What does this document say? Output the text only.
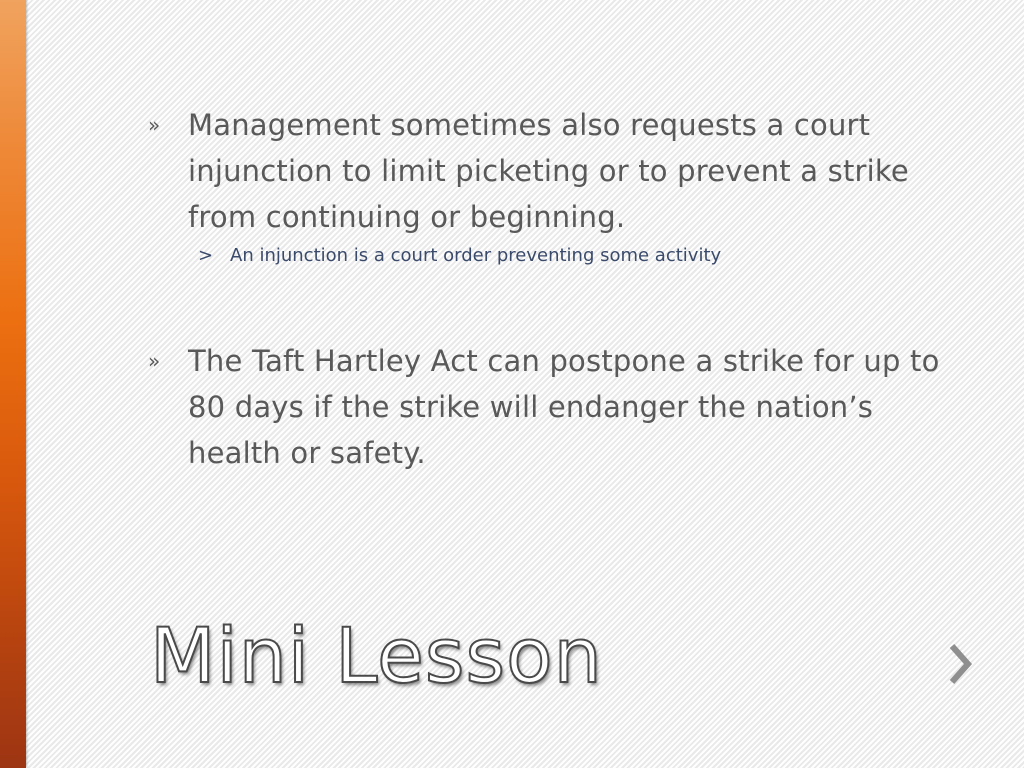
» Management sometimes also requests a court injunction to limit picketing or to prevent a strike from continuing or beginning.
> An injunction is a court order preventing some activity
» The Taft Hartley Act can postpone a strike for up to 80 days if the strike will endanger the nation’s health or safety.
Mini Lesson
